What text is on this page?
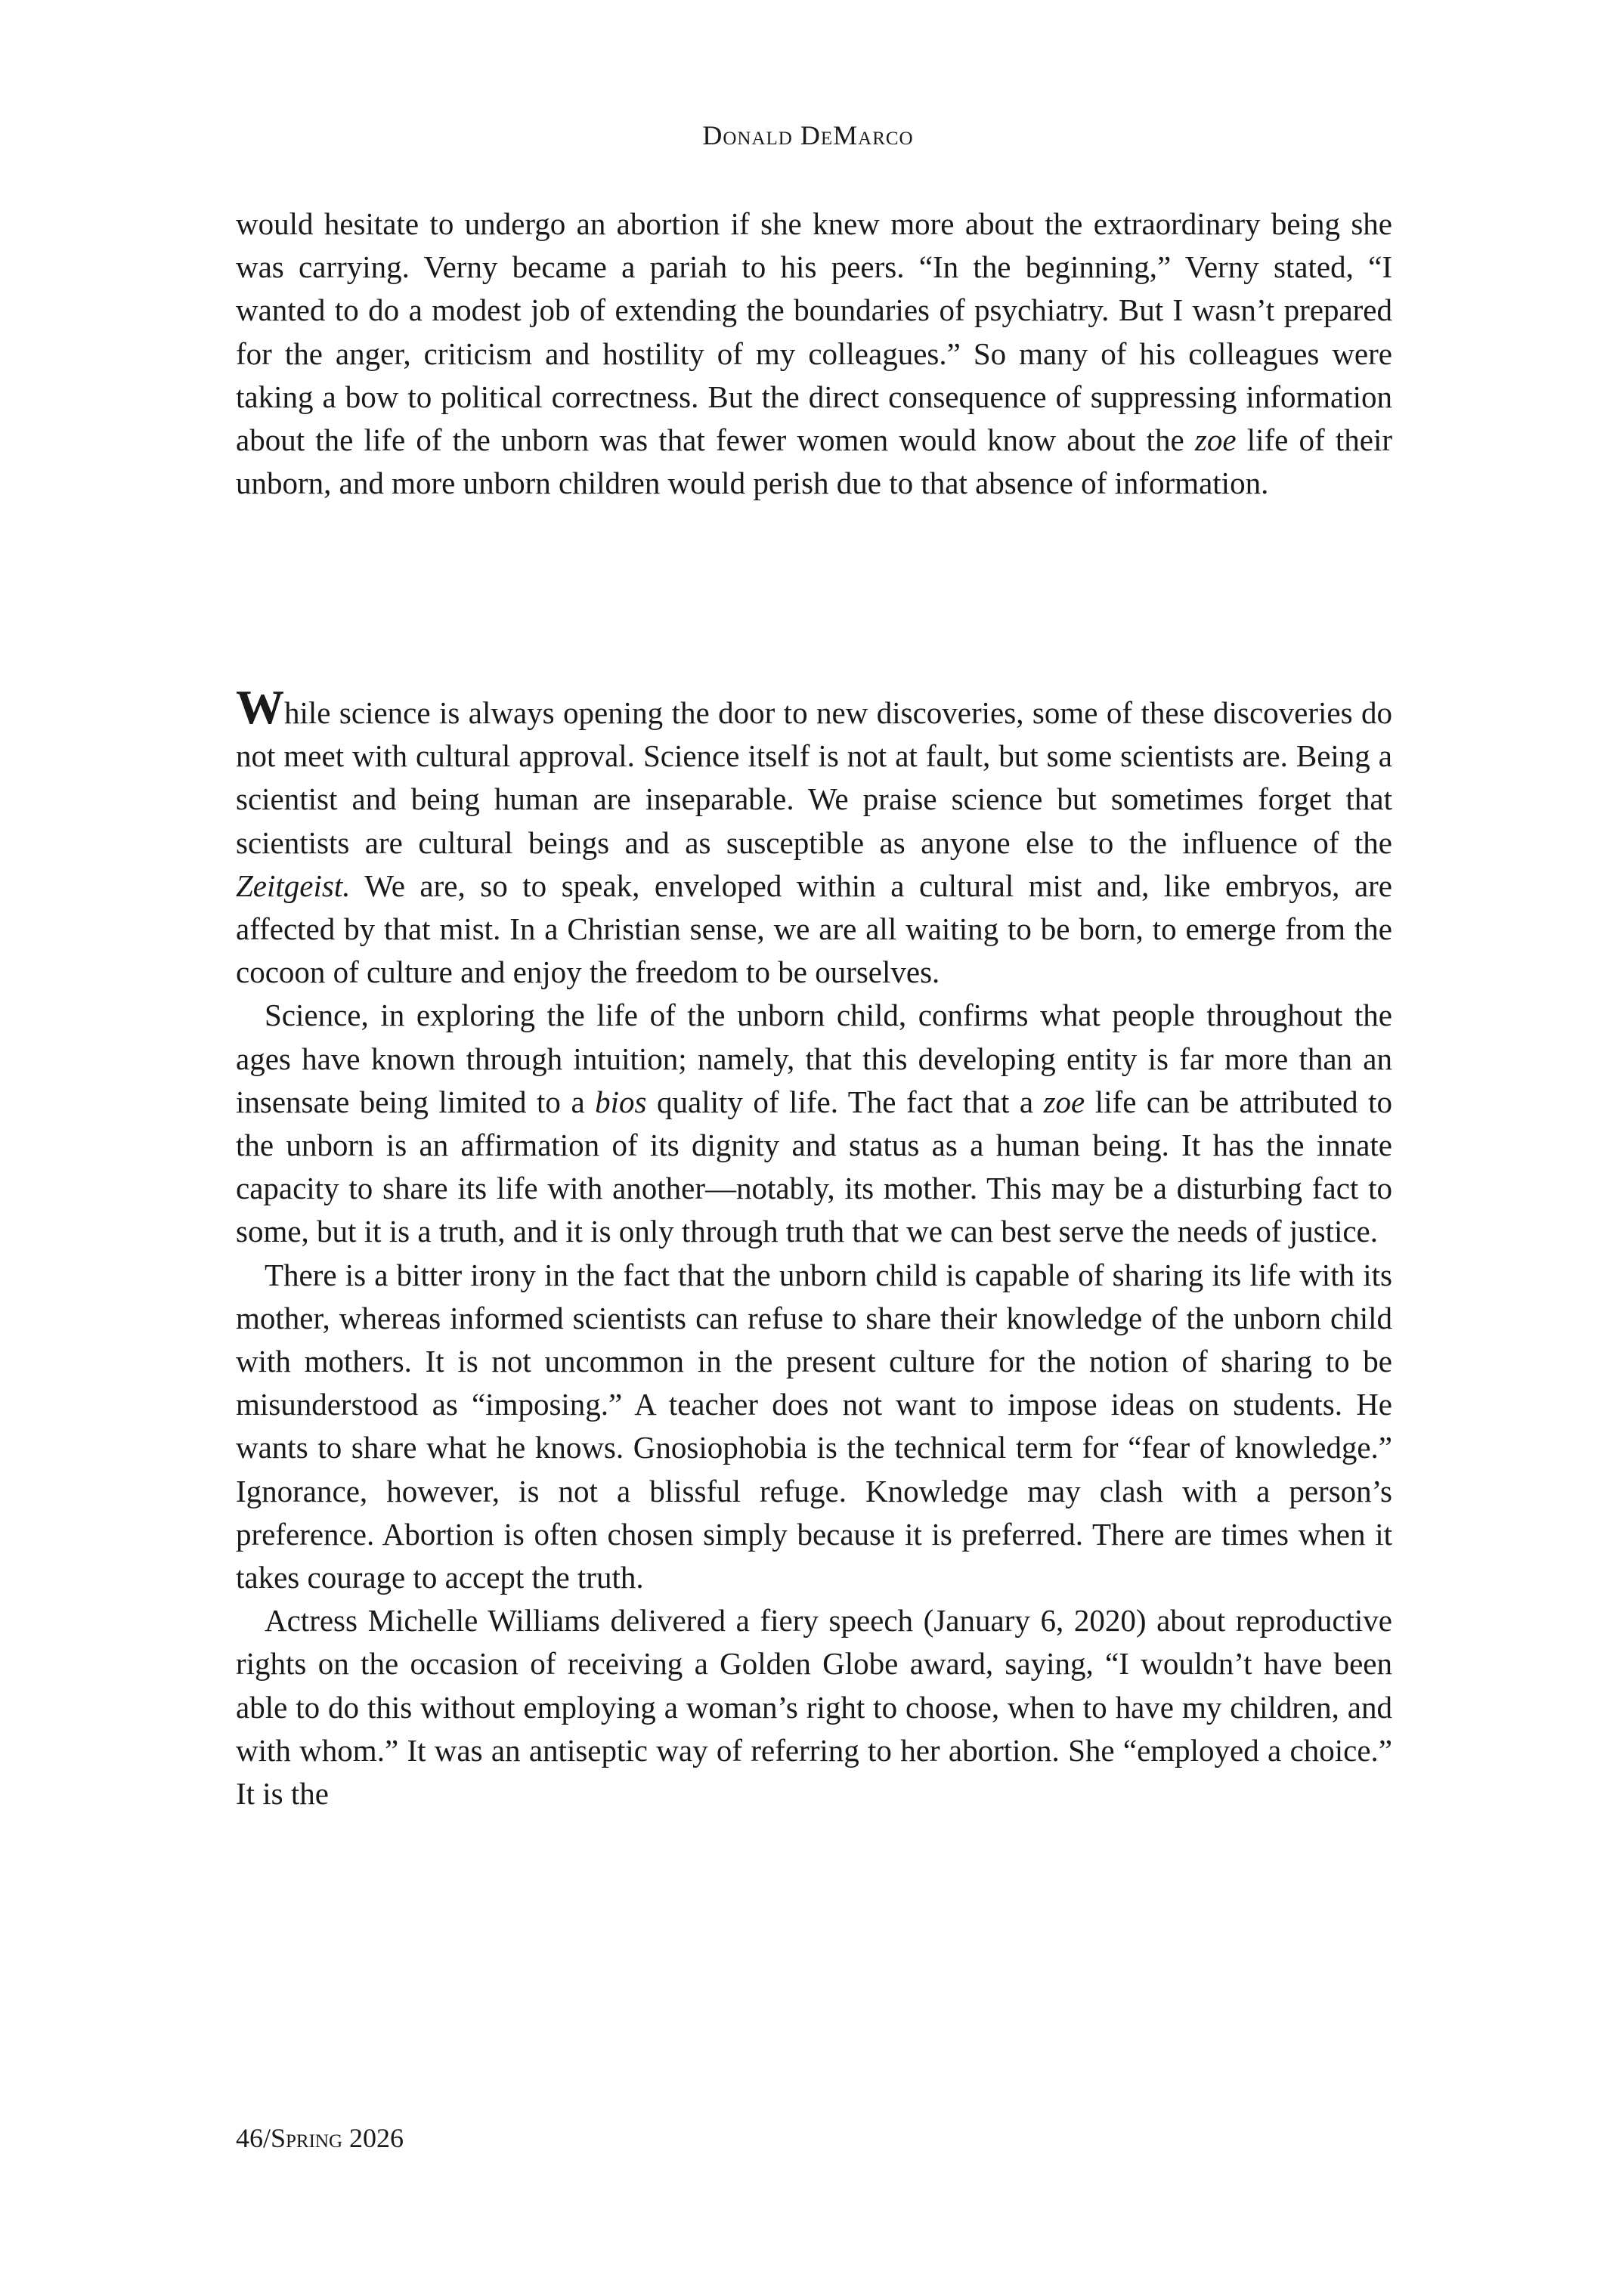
Donald DeMarco

would hesitate to undergo an abortion if she knew more about the extraordinary being she was carrying. Verny became a pariah to his peers. “In the beginning,” Verny stated, “I wanted to do a modest job of extending the boundaries of psychiatry. But I wasn’t prepared for the anger, criticism and hostility of my colleagues.” So many of his colleagues were taking a bow to political correctness. But the direct consequence of suppressing information about the life of the unborn was that fewer women would know about the zoe life of their unborn, and more unborn children would perish due to that absence of information.

While science is always opening the door to new discoveries, some of these discoveries do not meet with cultural approval. Science itself is not at fault, but some scientists are. Being a scientist and being human are inseparable. We praise science but sometimes forget that scientists are cultural beings and as susceptible as anyone else to the influence of the Zeitgeist. We are, so to speak, enveloped within a cultural mist and, like embryos, are affected by that mist. In a Christian sense, we are all waiting to be born, to emerge from the cocoon of culture and enjoy the freedom to be ourselves.

Science, in exploring the life of the unborn child, confirms what people throughout the ages have known through intuition; namely, that this developing entity is far more than an insensate being limited to a bios quality of life. The fact that a zoe life can be attributed to the unborn is an affirmation of its dignity and status as a human being. It has the innate capacity to share its life with another—notably, its mother. This may be a disturbing fact to some, but it is a truth, and it is only through truth that we can best serve the needs of justice.

There is a bitter irony in the fact that the unborn child is capable of sharing its life with its mother, whereas informed scientists can refuse to share their knowledge of the unborn child with mothers. It is not uncommon in the present culture for the notion of sharing to be misunderstood as “imposing.” A teacher does not want to impose ideas on students. He wants to share what he knows. Gnosiophobia is the technical term for “fear of knowledge.” Ignorance, however, is not a blissful refuge. Knowledge may clash with a person’s preference. Abortion is often chosen simply because it is preferred. There are times when it takes courage to accept the truth.

Actress Michelle Williams delivered a fiery speech (January 6, 2020) about reproductive rights on the occasion of receiving a Golden Globe award, saying, “I wouldn’t have been able to do this without employing a woman’s right to choose, when to have my children, and with whom.” It was an antiseptic way of referring to her abortion. She “employed a choice.” It is the

46/Spring 2026
